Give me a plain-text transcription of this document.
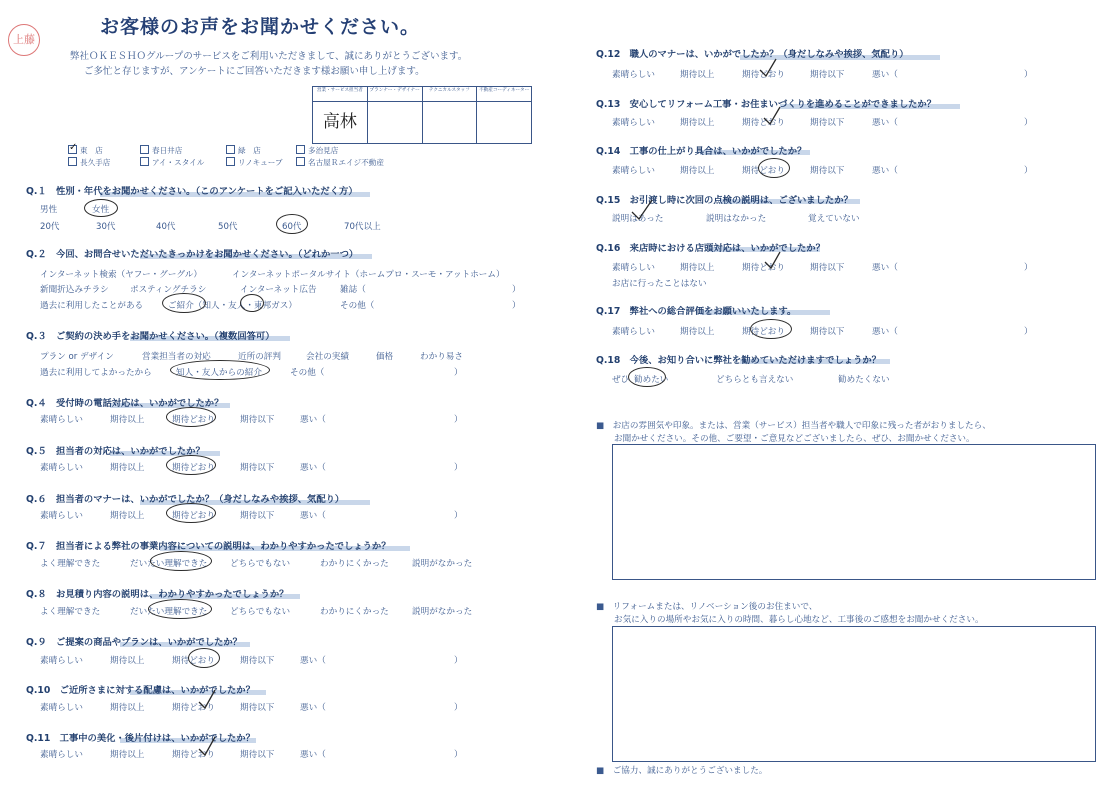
上藤
お客様のお声をお聞かせください。
弊社ＯＫＥＳＨＯグループのサービスをご利用いただきまして、誠にありがとうございます。
ご多忙と存じますが、アンケートにご回答いただきます様お願い申し上げます。
営業・サービス担当者	プランナー・デザイナー	テクニカルスタッフ	不動産コーディネーター
高林
✓ 東　店	春日井店	緑　店	多治見店
長久手店	アイ・スタイル	リノキューブ	名古屋Ｒエイジ不動産
Q.１　性別・年代をお聞かせください。（このアンケートをご記入いただく方）
男性	女性
20代	30代	40代	50代	60代	70代以上
Q.２　今回、お問合せいただいたきっかけをお聞かせください。（どれか一つ）
インターネット検索（ヤフー・グーグル）	インターネットポータルサイト（ホームプロ・スーモ・アットホーム）
新聞折込みチラシ ポスティングチラシ	インターネット広告	雑誌（	）
過去に利用したことがある	ご紹介（知人・友人・東邦ガス）	その他（	）
Q.３　ご契約の決め手をお聞かせください。（複数回答可）
プラン or デザイン	営業担当者の対応	近所の評判	会社の実績	価格	わかり易さ
過去に利用してよかったから	知人・友人からの紹介	その他（	）
Q.４　受付時の電話対応は、いかがでしたか？
素晴らしい	期待以上	期待どおり	期待以下	悪い（	）
Q.５　担当者の対応は、いかがでしたか？
素晴らしい	期待以上	期待どおり	期待以下	悪い（	）
Q.６　担当者のマナーは、いかがでしたか？（身だしなみや挨拶、気配り）
素晴らしい	期待以上	期待どおり	期待以下	悪い（	）
Q.７　担当者による弊社の事業内容についての説明は、わかりやすかったでしょうか？
よく理解できた	だいたい理解できた	どちらでもない	わかりにくかった	説明がなかった
Q.８　お見積り内容の説明は、わかりやすかったでしょうか？
よく理解できた	だいたい理解できた	どちらでもない	わかりにくかった	説明がなかった
Q.９　ご提案の商品やプランは、いかがでしたか？
素晴らしい	期待以上	期待どおり	期待以下	悪い（	）
Q.10　ご近所さまに対する配慮は、いかがでしたか？
素晴らしい	期待以上	期待どおり	期待以下	悪い（	）
Q.11　工事中の美化・後片付けは、いかがでしたか？
素晴らしい	期待以上	期待どおり	期待以下	悪い（	）
Q.12　職人のマナーは、いかがでしたか？（身だしなみや挨拶、気配り）
素晴らしい	期待以上	期待どおり	期待以下	悪い（	）
Q.13　安心してリフォーム工事・お住まいづくりを進めることができましたか？
素晴らしい	期待以上	期待どおり	期待以下	悪い（	）
Q.14　工事の仕上がり具合は、いかがでしたか？
素晴らしい	期待以上	期待どおり	期待以下	悪い（	）
Q.15　お引渡し時に次回の点検の説明は、ございましたか？
説明はあった	説明はなかった	覚えていない
Q.16　来店時における店頭対応は、いかがでしたか？
素晴らしい	期待以上	期待どおり	期待以下	悪い（	）
お店に行ったことはない
Q.17　弊社への総合評価をお願いいたします。
素晴らしい	期待以上	期待どおり	期待以下	悪い（	）
Q.18　今後、お知り合いに弊社を勧めていただけますでしょうか？
ぜひ 勧めたい	どちらとも言えない	勧めたくない
■　お店の雰囲気や印象。または、営業（サービス）担当者や職人で印象に残った者がおりましたら、
お聞かせください。その他、ご要望・ご意見などございましたら、ぜひ、お聞かせください。
■　リフォームまたは、リノベーション後のお住まいで、
お気に入りの場所やお気に入りの時間、暮らし心地など、工事後のご感想をお聞かせください。
■　ご協力、誠にありがとうございました。
